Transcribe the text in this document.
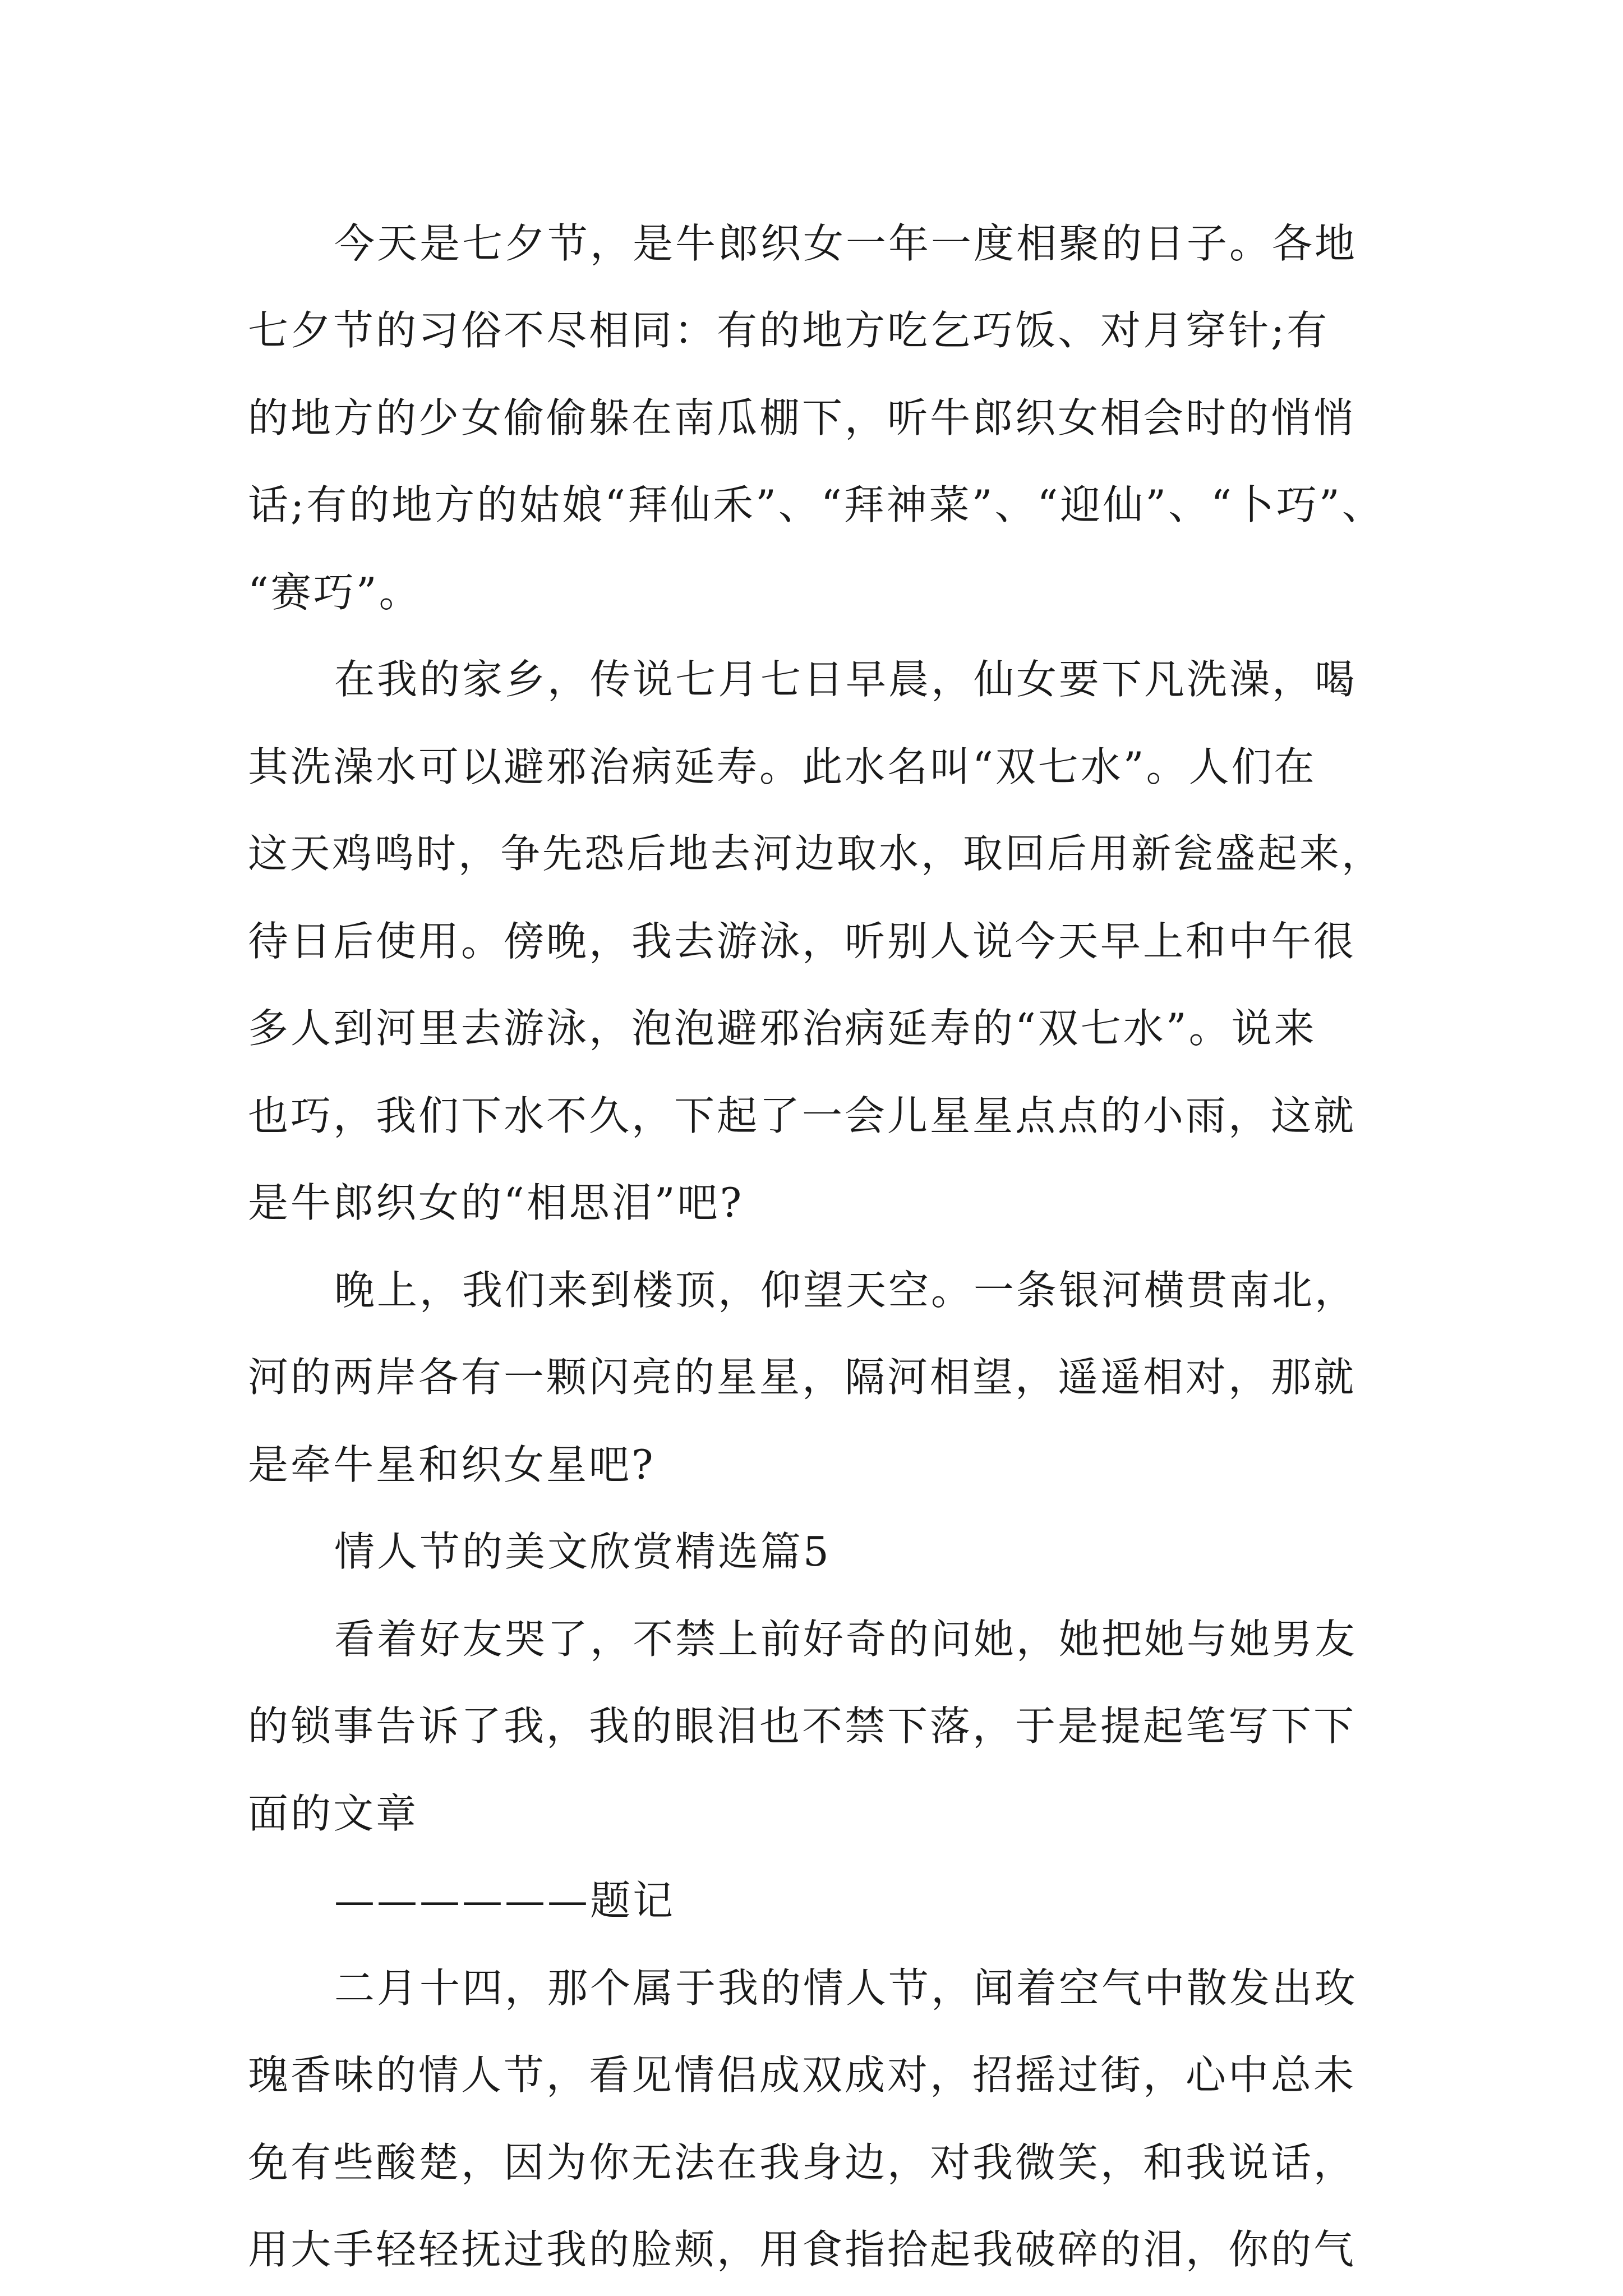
今天是七夕节，是牛郎织女一年一度相聚的日子。各地
七夕节的习俗不尽相同：有的地方吃乞巧饭、对月穿针;有
的地方的少女偷偷躲在南瓜棚下，听牛郎织女相会时的悄悄
话;有的地方的姑娘“拜仙禾”、“拜神菜”、“迎仙”、“卜巧”、
“赛巧”。
在我的家乡，传说七月七日早晨，仙女要下凡洗澡，喝
其洗澡水可以避邪治病延寿。此水名叫“双七水”。人们在
这天鸡鸣时，争先恐后地去河边取水，取回后用新瓮盛起来，
待日后使用。傍晚，我去游泳，听别人说今天早上和中午很
多人到河里去游泳，泡泡避邪治病延寿的“双七水”。说来
也巧，我们下水不久，下起了一会儿星星点点的小雨，这就
是牛郎织女的“相思泪”吧?
晚上，我们来到楼顶，仰望天空。一条银河横贯南北，
河的两岸各有一颗闪亮的星星，隔河相望，遥遥相对，那就
是牵牛星和织女星吧?
情人节的美文欣赏精选篇5
看着好友哭了，不禁上前好奇的问她，她把她与她男友
的锁事告诉了我，我的眼泪也不禁下落，于是提起笔写下下
面的文章
——————题记
二月十四，那个属于我的情人节，闻着空气中散发出玫
瑰香味的情人节，看见情侣成双成对，招摇过街，心中总未
免有些酸楚，因为你无法在我身边，对我微笑，和我说话，
用大手轻轻抚过我的脸颊，用食指拾起我破碎的泪，你的气
